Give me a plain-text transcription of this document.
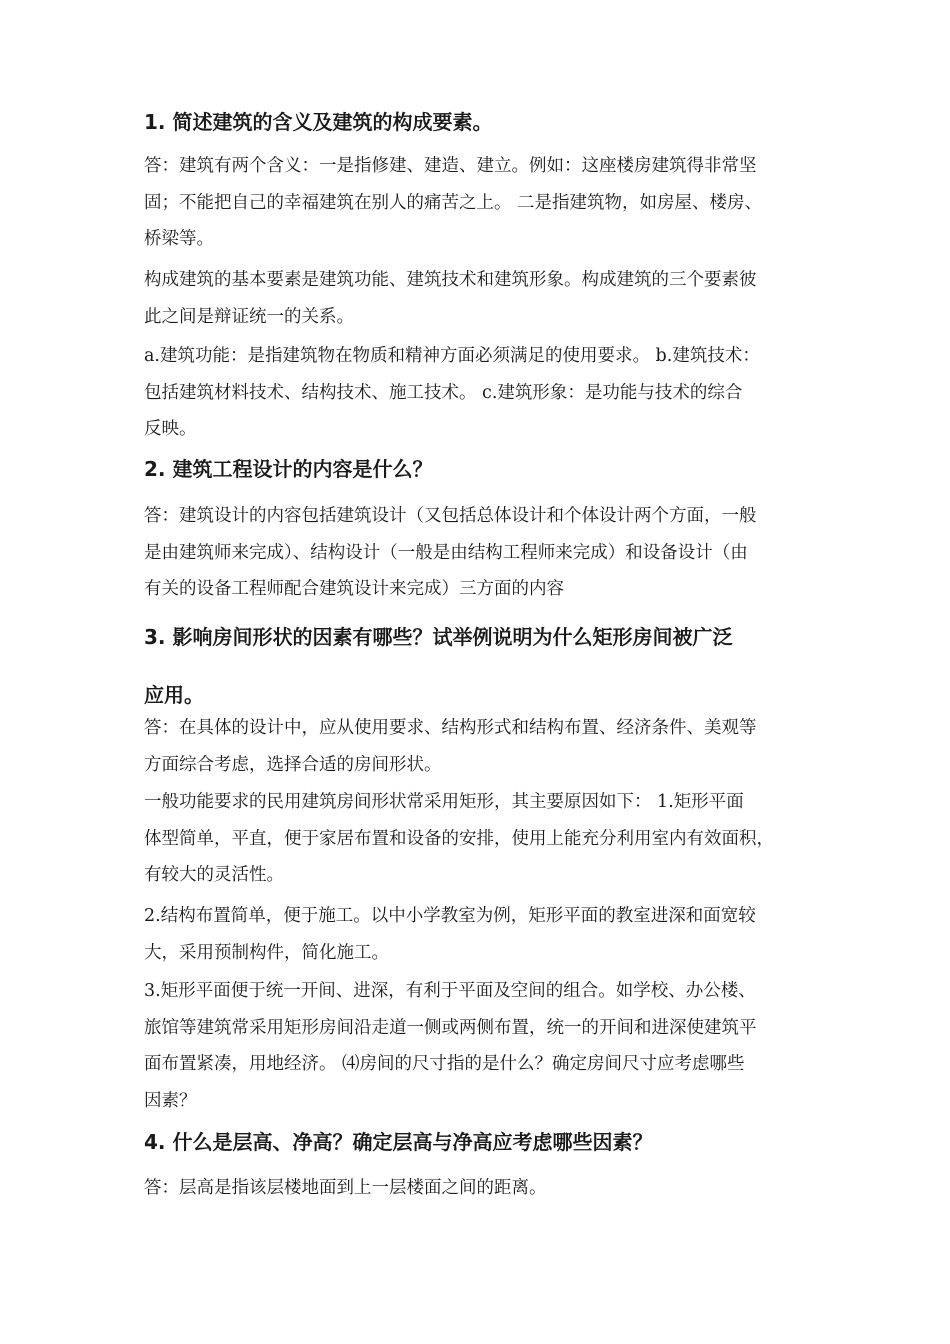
1. 简述建筑的含义及建筑的构成要素。
答：建筑有两个含义：一是指修建、建造、建立。例如：这座楼房建筑得非常坚
固；不能把自己的幸福建筑在别人的痛苦之上。 二是指建筑物，如房屋、楼房、
桥梁等。
构成建筑的基本要素是建筑功能、建筑技术和建筑形象。构成建筑的三个要素彼
此之间是辩证统一的关系。
a.建筑功能：是指建筑物在物质和精神方面必须满足的使用要求。 b.建筑技术：
包括建筑材料技术、结构技术、施工技术。 c.建筑形象：是功能与技术的综合
反映。
2. 建筑工程设计的内容是什么？
答：建筑设计的内容包括建筑设计（又包括总体设计和个体设计两个方面，一般
是由建筑师来完成）、结构设计（一般是由结构工程师来完成）和设备设计（由
有关的设备工程师配合建筑设计来完成）三方面的内容
3. 影响房间形状的因素有哪些？试举例说明为什么矩形房间被广泛
应用。
答：在具体的设计中，应从使用要求、结构形式和结构布置、经济条件、美观等
方面综合考虑，选择合适的房间形状。
一般功能要求的民用建筑房间形状常采用矩形，其主要原因如下： 1.矩形平面
体型简单，平直，便于家居布置和设备的安排，使用上能充分利用室内有效面积，
有较大的灵活性。
2.结构布置简单，便于施工。以中小学教室为例，矩形平面的教室进深和面宽较
大，采用预制构件，简化施工。
3.矩形平面便于统一开间、进深，有利于平面及空间的组合。如学校、办公楼、
旅馆等建筑常采用矩形房间沿走道一侧或两侧布置，统一的开间和进深使建筑平
面布置紧凑，用地经济。 ⑷房间的尺寸指的是什么？确定房间尺寸应考虑哪些
因素？
4. 什么是层高、净高？确定层高与净高应考虑哪些因素？
答：层高是指该层楼地面到上一层楼面之间的距离。
